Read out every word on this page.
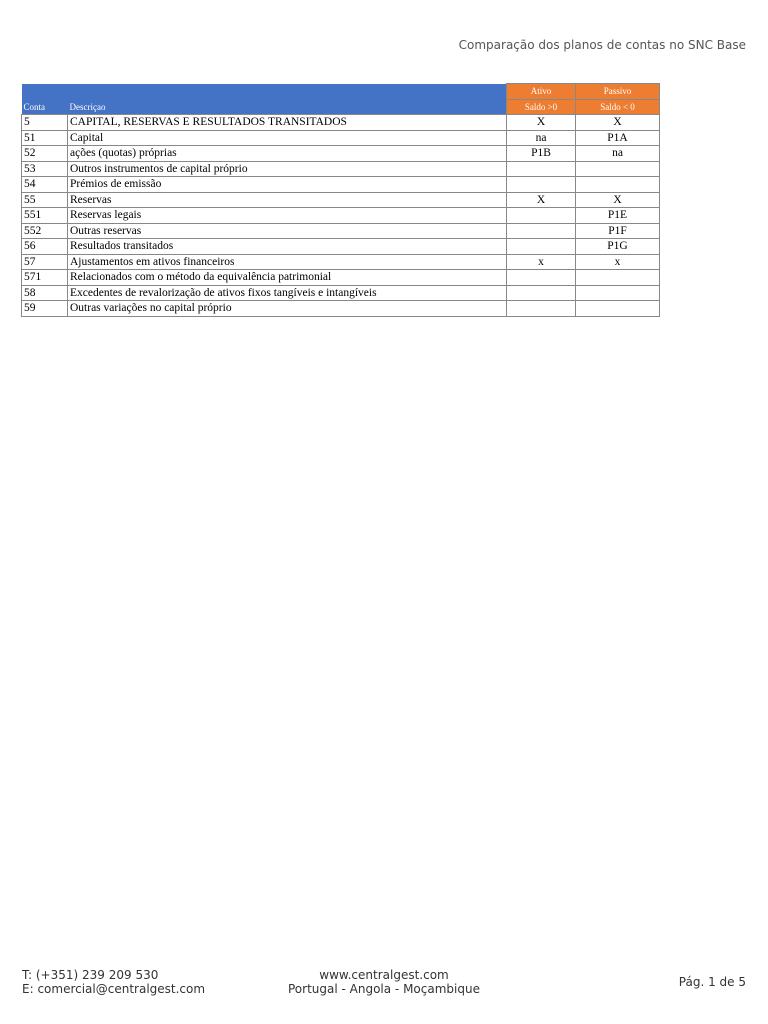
Comparação dos planos de contas no SNC Base
		Ativo	Passivo
Conta	Descriçao	Saldo >0	Saldo < 0
5	CAPITAL, RESERVAS E RESULTADOS TRANSITADOS	X	X
51	Capital	na	P1A
52	ações (quotas) próprias	P1B	na
53	Outros instrumentos de capital próprio		
54	Prémios de emissão		
55	Reservas	X	X
551	Reservas legais		P1E
552	Outras reservas		P1F
56	Resultados transitados		P1G
57	Ajustamentos em ativos financeiros	x	x
571	Relacionados com o método da equivalência patrimonial		
58	Excedentes de revalorização de ativos fixos tangíveis e intangíveis		
59	Outras variações no capital próprio		
T: (+351) 239 209 530
E: comercial@centralgest.com
www.centralgest.com
Portugal - Angola - Moçambique	Pág. 1 de 5
